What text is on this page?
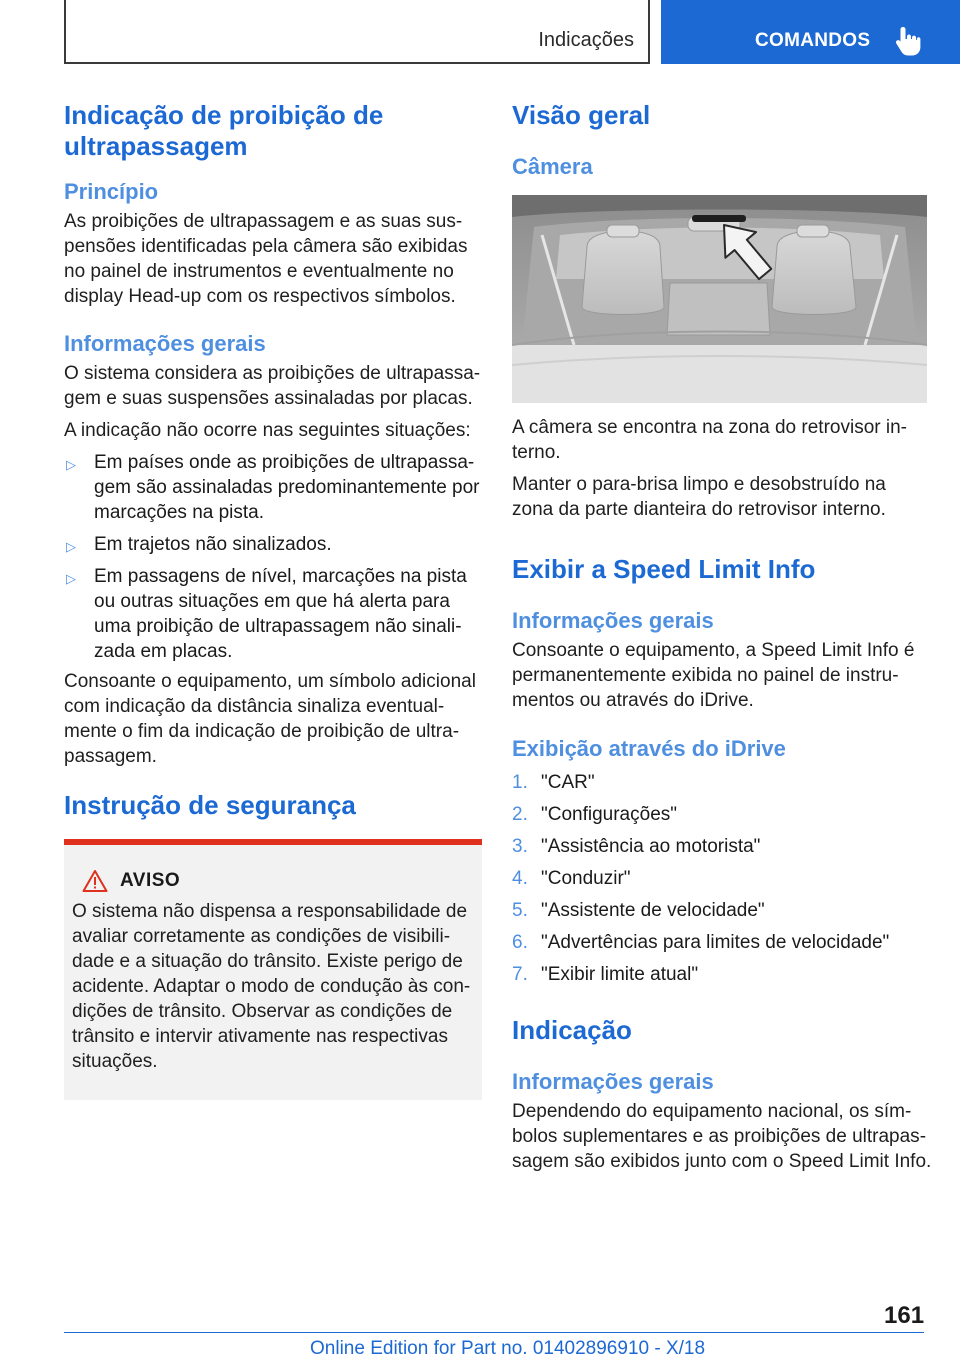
Indicações	COMANDOS
Indicação de proibição de ultrapassagem
Princípio

As proibições de ultrapassagem e as suas suspensões identificadas pela câmera são exibidas no painel de instrumentos e eventualmente no display Head-up com os respectivos símbolos.

Informações gerais

O sistema considera as proibições de ultrapassagem e suas suspensões assinaladas por placas.

A indicação não ocorre nas seguintes situações:

▷ Em países onde as proibições de ultrapassagem são assinaladas predominantemente por marcações na pista.
▷ Em trajetos não sinalizados.
▷ Em passagens de nível, marcações na pista ou outras situações em que há alerta para uma proibição de ultrapassagem não sinalizada em placas.

Consoante o equipamento, um símbolo adicional com indicação da distância sinaliza eventualmente o fim da indicação de proibição de ultrapassagem.

Instrução de segurança
AVISO

O sistema não dispensa a responsabilidade de avaliar corretamente as condições de visibilidade e a situação do trânsito. Existe perigo de acidente. Adaptar o modo de condução às condições de trânsito. Observar as condições de trânsito e intervir ativamente nas respectivas situações.

Visão geral
Câmera

A câmera se encontra na zona do retrovisor interno.

Manter o para-brisa limpo e desobstruído na zona da parte dianteira do retrovisor interno.

Exibir a Speed Limit Info
Informações gerais

Consoante o equipamento, a Speed Limit Info é permanentemente exibida no painel de instrumentos ou através do iDrive.

Exibição através do iDrive
1. "CAR"
2. "Configurações"
3. "Assistência ao motorista"
4. "Conduzir"
5. "Assistente de velocidade"
6. "Advertências para limites de velocidade"
7. "Exibir limite atual"
Indicação
Informações gerais

Dependendo do equipamento nacional, os símbolos suplementares e as proibições de ultrapassagem são exibidos junto com o Speed Limit Info.

161
Online Edition for Part no. 01402896910 - X/18
